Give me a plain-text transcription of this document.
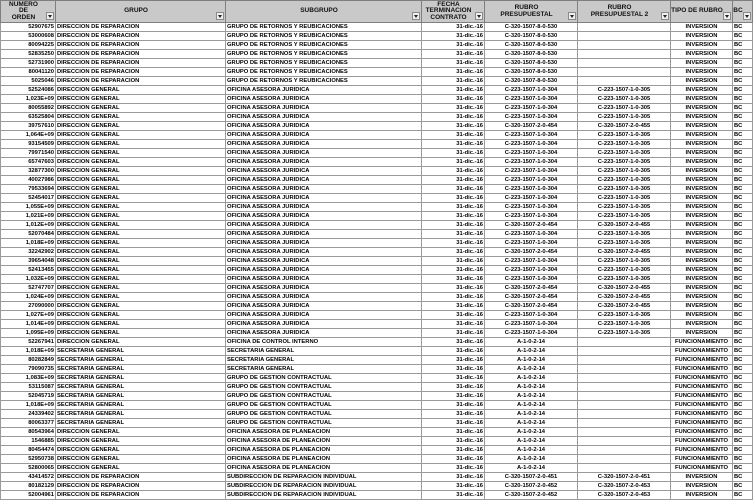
NUMERO
DE
ORDEN	GRUPO	SUBGRUPO	FECHA
TERMINACION
CONTRATO	RUBRO
PRESUPUESTAL	RUBRO
PRESUPUESTAL 2	TIPO DE RUBRO	BC

52907675	DIRECCION DE REPARACION	GRUPO DE RETORNOS Y REUBICACIONES	31-dic.-16	C-320-1507-8-0-530		INVERSION	BC
53000608	DIRECCION DE REPARACION	GRUPO DE RETORNOS Y REUBICACIONES	31-dic.-16	C-320-1507-8-0-530		INVERSION	BC
80094225	DIRECCION DE REPARACION	GRUPO DE RETORNOS Y REUBICACIONES	31-dic.-16	C-320-1507-8-0-530		INVERSION	BC
52835250	DIRECCION DE REPARACION	GRUPO DE RETORNOS Y REUBICACIONES	31-dic.-16	C-320-1507-8-0-530		INVERSION	BC
52731900	DIRECCION DE REPARACION	GRUPO DE RETORNOS Y REUBICACIONES	31-dic.-16	C-320-1507-8-0-530		INVERSION	BC
80041120	DIRECCION DE REPARACION	GRUPO DE RETORNOS Y REUBICACIONES	31-dic.-16	C-320-1507-8-0-530		INVERSION	BC
5025046	DIRECCION DE REPARACION	GRUPO DE RETORNOS Y REUBICACIONES	31-dic.-16	C-320-1507-8-0-530		INVERSION	BC
52524086	DIRECCION GENERAL	OFICINA ASESORA JURIDICA	31-dic.-16	C-223-1507-1-0-304	C-223-1507-1-0-305	INVERSION	BC
1,023E+09	DIRECCION GENERAL	OFICINA ASESORA JURIDICA	31-dic.-16	C-223-1507-1-0-304	C-223-1507-1-0-305	INVERSION	BC
80055892	DIRECCION GENERAL	OFICINA ASESORA JURIDICA	31-dic.-16	C-223-1507-1-0-304	C-223-1507-1-0-305	INVERSION	BC
63525804	DIRECCION GENERAL	OFICINA ASESORA JURIDICA	31-dic.-16	C-223-1507-1-0-304	C-223-1507-1-0-305	INVERSION	BC
39757610	DIRECCION GENERAL	OFICINA ASESORA JURIDICA	31-dic.-16	C-320-1507-2-0-454	C-320-1507-2-0-455	INVERSION	BC
1,064E+09	DIRECCION GENERAL	OFICINA ASESORA JURIDICA	31-dic.-16	C-223-1507-1-0-304	C-223-1507-1-0-305	INVERSION	BC
93154509	DIRECCION GENERAL	OFICINA ASESORA JURIDICA	31-dic.-16	C-223-1507-1-0-304	C-223-1507-1-0-305	INVERSION	BC
79971540	DIRECCION GENERAL	OFICINA ASESORA JURIDICA	31-dic.-16	C-223-1507-1-0-304	C-223-1507-1-0-305	INVERSION	BC
65747603	DIRECCION GENERAL	OFICINA ASESORA JURIDICA	31-dic.-16	C-223-1507-1-0-304	C-223-1507-1-0-305	INVERSION	BC
32877300	DIRECCION GENERAL	OFICINA ASESORA JURIDICA	31-dic.-16	C-223-1507-1-0-304	C-223-1507-1-0-305	INVERSION	BC
40027986	DIRECCION GENERAL	OFICINA ASESORA JURIDICA	31-dic.-16	C-223-1507-1-0-304	C-223-1507-1-0-305	INVERSION	BC
79533694	DIRECCION GENERAL	OFICINA ASESORA JURIDICA	31-dic.-16	C-223-1507-1-0-304	C-223-1507-1-0-305	INVERSION	BC
52454017	DIRECCION GENERAL	OFICINA ASESORA JURIDICA	31-dic.-16	C-223-1507-1-0-304	C-223-1507-1-0-305	INVERSION	BC
1,055E+09	DIRECCION GENERAL	OFICINA ASESORA JURIDICA	31-dic.-16	C-223-1507-1-0-304	C-223-1507-1-0-305	INVERSION	BC
1,021E+09	DIRECCION GENERAL	OFICINA ASESORA JURIDICA	31-dic.-16	C-223-1507-1-0-304	C-223-1507-1-0-305	INVERSION	BC
1,012E+09	DIRECCION GENERAL	OFICINA ASESORA JURIDICA	31-dic.-16	C-320-1507-2-0-454	C-320-1507-2-0-455	INVERSION	BC
52070484	DIRECCION GENERAL	OFICINA ASESORA JURIDICA	31-dic.-16	C-223-1507-1-0-304	C-223-1507-1-0-305	INVERSION	BC
1,018E+09	DIRECCION GENERAL	OFICINA ASESORA JURIDICA	31-dic.-16	C-223-1507-1-0-304	C-223-1507-1-0-305	INVERSION	BC
32242902	DIRECCION GENERAL	OFICINA ASESORA JURIDICA	31-dic.-16	C-320-1507-2-0-454	C-320-1507-2-0-455	INVERSION	BC
39654048	DIRECCION GENERAL	OFICINA ASESORA JURIDICA	31-dic.-16	C-223-1507-1-0-304	C-223-1507-1-0-305	INVERSION	BC
52413455	DIRECCION GENERAL	OFICINA ASESORA JURIDICA	31-dic.-16	C-223-1507-1-0-304	C-223-1507-1-0-305	INVERSION	BC
1,032E+09	DIRECCION GENERAL	OFICINA ASESORA JURIDICA	31-dic.-16	C-223-1507-1-0-304	C-223-1507-1-0-305	INVERSION	BC
52747707	DIRECCION GENERAL	OFICINA ASESORA JURIDICA	31-dic.-16	C-320-1507-2-0-454	C-320-1507-2-0-455	INVERSION	BC
1,024E+09	DIRECCION GENERAL	OFICINA ASESORA JURIDICA	31-dic.-16	C-320-1507-2-0-454	C-320-1507-2-0-455	INVERSION	BC
27090000	DIRECCION GENERAL	OFICINA ASESORA JURIDICA	31-dic.-16	C-320-1507-2-0-454	C-320-1507-2-0-455	INVERSION	BC
1,027E+09	DIRECCION GENERAL	OFICINA ASESORA JURIDICA	31-dic.-16	C-223-1507-1-0-304	C-223-1507-1-0-305	INVERSION	BC
1,014E+09	DIRECCION GENERAL	OFICINA ASESORA JURIDICA	31-dic.-16	C-223-1507-1-0-304	C-223-1507-1-0-305	INVERSION	BC
1,095E+09	DIRECCION GENERAL	OFICINA ASESORA JURIDICA	31-dic.-16	C-223-1507-1-0-304	C-223-1507-1-0-305	INVERSION	BC
52267941	DIRECCION GENERAL	OFICINA DE CONTROL INTERNO	31-dic.-16	A-1-0-2-14		FUNCIONAMIENTO	BC
1,018E+09	SECRETARIA GENERAL	SECRETARIA GENERAL	31-dic.-16	A-1-0-2-14		FUNCIONAMIENTO	BC
80282849	SECRETARIA GENERAL	SECRETARIA GENERAL	31-dic.-16	A-1-0-2-14		FUNCIONAMIENTO	BC
79090735	SECRETARIA GENERAL	SECRETARIA GENERAL	31-dic.-16	A-1-0-2-14		FUNCIONAMIENTO	BC
1,083E+09	SECRETARIA GENERAL	GRUPO DE GESTION CONTRACTUAL	31-dic.-16	A-1-0-2-14		FUNCIONAMIENTO	BC
53115087	SECRETARIA GENERAL	GRUPO DE GESTION CONTRACTUAL	31-dic.-16	A-1-0-2-14		FUNCIONAMIENTO	BC
52045719	SECRETARIA GENERAL	GRUPO DE GESTION CONTRACTUAL	31-dic.-16	A-1-0-2-14		FUNCIONAMIENTO	BC
1,018E+09	SECRETARIA GENERAL	GRUPO DE GESTION CONTRACTUAL	31-dic.-16	A-1-0-2-14		FUNCIONAMIENTO	BC
24339402	SECRETARIA GENERAL	GRUPO DE GESTION CONTRACTUAL	31-dic.-16	A-1-0-2-14		FUNCIONAMIENTO	BC
80063377	SECRETARIA GENERAL	GRUPO DE GESTION CONTRACTUAL	31-dic.-16	A-1-0-2-14		FUNCIONAMIENTO	BC
80543964	DIRECCION GENERAL	OFICINA ASESORA DE PLANEACION	31-dic.-16	A-1-0-2-14		FUNCIONAMIENTO	BC
1546885	DIRECCION GENERAL	OFICINA ASESORA DE PLANEACION	31-dic.-16	A-1-0-2-14		FUNCIONAMIENTO	BC
80454474	DIRECCION GENERAL	OFICINA ASESORA DE PLANEACION	31-dic.-16	A-1-0-2-14		FUNCIONAMIENTO	BC
52950738	DIRECCION GENERAL	OFICINA ASESORA DE PLANEACION	31-dic.-16	A-1-0-2-14		FUNCIONAMIENTO	BC
52800065	DIRECCION GENERAL	OFICINA ASESORA DE PLANEACION	31-dic.-16	A-1-0-2-14		FUNCIONAMIENTO	BC
43414572	DIRECCION DE REPARACION	SUBDIRECCION DE REPARACION INDIVIDUAL	31-dic.-16	C-320-1507-2-0-451	C-320-1507-2-0-451	INVERSION	BC
80182129	DIRECCION DE REPARACION	SUBDIRECCION DE REPARACION INDIVIDUAL	31-dic.-16	C-320-1507-2-0-452	C-320-1507-2-0-453	INVERSION	BC
52004961	DIRECCION DE REPARACION	SUBDIRECCION DE REPARACION INDIVIDUAL	31-dic.-16	C-320-1507-2-0-452	C-320-1507-2-0-453	INVERSION	BC
